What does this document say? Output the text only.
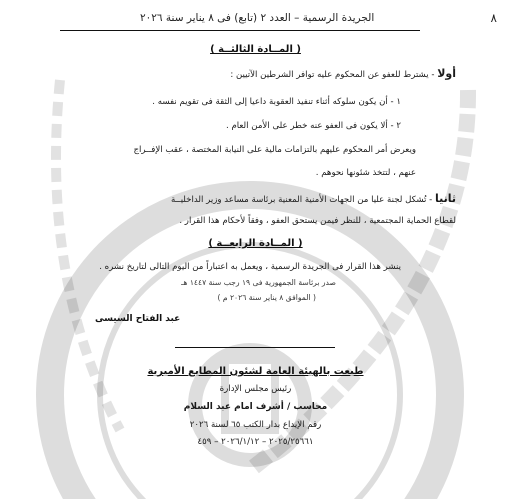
٨
الجريدة الرسمية – العدد ٢ (تابع) فى ٨ يناير سنة ٢٠٢٦
( المــادة الثالثــة )
أولا - يشترط للعفو عن المحكوم عليه توافر الشرطين الآتيين :
١ - أن يكون سلوكه أثناء تنفيذ العقوبة داعيا إلى الثقة فى تقويم نفسه .
٢ - ألا يكون فى العفو عنه خطر على الأمن العام .
ويعرض أمر المحكوم عليهم بالتزامات مالية على النيابة المختصة ، عقب الإفــراج
عنهم ، لتتخذ شئونها نحوهم .
ثانيا - تُشكل لجنة عليا من الجهات الأمنية المعنية برئاسة مساعد وزير الداخليــة
لقطاع الحماية المجتمعية ، للنظر فيمن يستحق العفو ، وفقاً لأحكام هذا القرار .
( المــادة الرابعــة )
ينشر هذا القرار فى الجريدة الرسمية ، ويعمل به اعتباراً من اليوم التالى لتاريخ نشره .
صدر برئاسة الجمهورية فى ١٩ رجب سنة ١٤٤٧ هـ
( الموافق ٨ يناير سنة ٢٠٢٦ م )
عبد الفتاح السيسى
طبعت بالهيئة العامة لشئون المطابع الأميرية
رئيس مجلس الإدارة
محاسب / أشرف امام عبد السلام
رقم الإيداع بدار الكتب ٦٥ لسنة ٢٠٢٦
٢٠٢٥/٢٥٦٦١ – ٢٠٢٦/١/١٢ – ٤٥٩
